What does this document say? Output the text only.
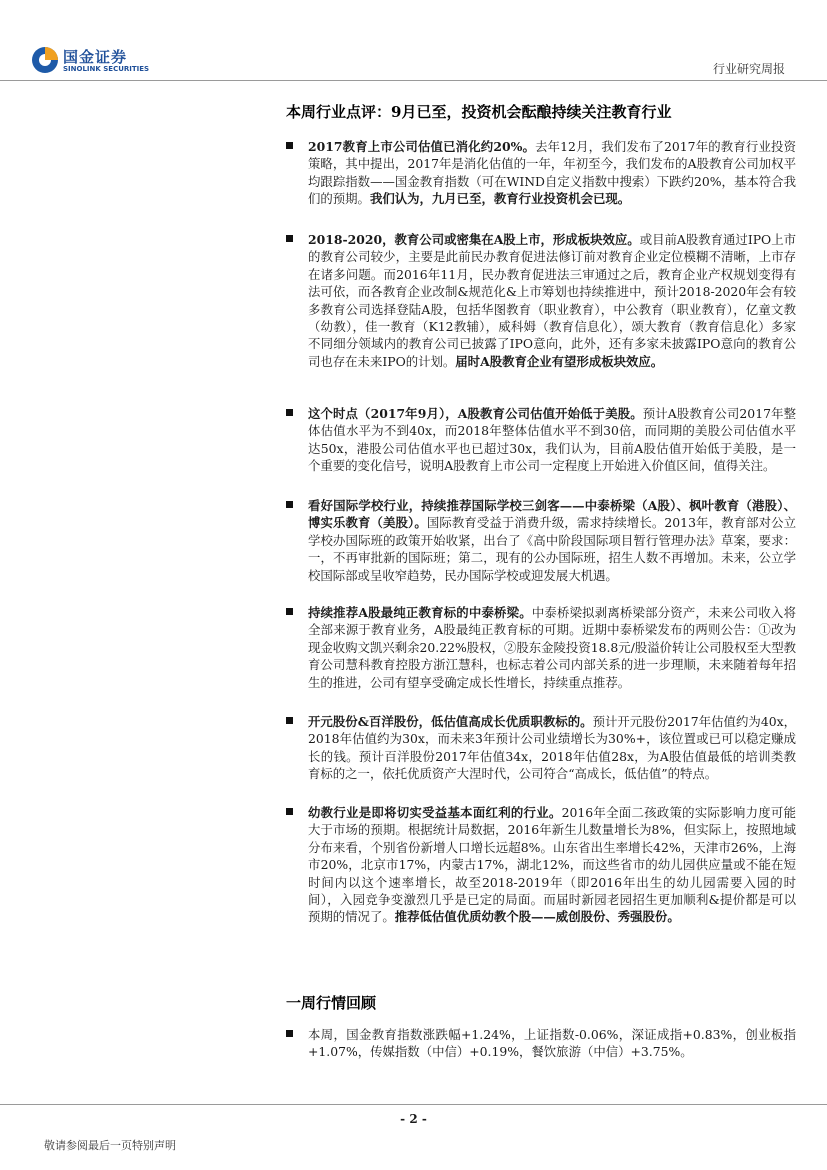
国金证券
SINOLINK SECURITIES	行业研究周报
本周行业点评：9月已至，投资机会酝酿持续关注教育行业
2017教育上市公司估值已消化约20%。去年12月，我们发布了2017年的教育行业投资策略，其中提出，2017年是消化估值的一年，年初至今，我们发布的A股教育公司加权平均跟踪指数——国金教育指数（可在WIND自定义指数中搜索）下跌约20%，基本符合我们的预期。我们认为，九月已至，教育行业投资机会已现。
2018-2020，教育公司或密集在A股上市，形成板块效应。或目前A股教育通过IPO上市的教育公司较少，主要是此前民办教育促进法修订前对教育企业定位模糊不清晰，上市存在诸多问题。而2016年11月，民办教育促进法三审通过之后，教育企业产权规划变得有法可依，而各教育企业改制&规范化&上市筹划也持续推进中，预计2018-2020年会有较多教育公司选择登陆A股，包括华图教育（职业教育），中公教育（职业教育），亿童文教（幼教），佳一教育（K12教辅），威科姆（教育信息化），颂大教育（教育信息化）多家不同细分领域内的教育公司已披露了IPO意向，此外，还有多家未披露IPO意向的教育公司也存在未来IPO的计划。届时A股教育企业有望形成板块效应。
这个时点（2017年9月），A股教育公司估值开始低于美股。预计A股教育公司2017年整体估值水平为不到40x，而2018年整体估值水平不到30倍，而同期的美股公司估值水平达50x，港股公司估值水平也已超过30x，我们认为，目前A股估值开始低于美股，是一个重要的变化信号，说明A股教育上市公司一定程度上开始进入价值区间，值得关注。
看好国际学校行业，持续推荐国际学校三剑客——中泰桥梁（A股）、枫叶教育（港股）、博实乐教育（美股）。国际教育受益于消费升级，需求持续增长。2013年，教育部对公立学校办国际班的政策开始收紧，出台了《高中阶段国际项目暂行管理办法》草案，要求：一，不再审批新的国际班；第二，现有的公办国际班，招生人数不再增加。未来，公立学校国际部或呈收窄趋势，民办国际学校或迎发展大机遇。
持续推荐A股最纯正教育标的中泰桥梁。中泰桥梁拟剥离桥梁部分资产，未来公司收入将全部来源于教育业务，A股最纯正教育标的可期。近期中泰桥梁发布的两则公告：①改为现金收购文凯兴剩余20.22%股权，②股东金陵投资18.8元/股溢价转让公司股权至大型教育公司慧科教育控股方浙江慧科，也标志着公司内部关系的进一步理顺，未来随着每年招生的推进，公司有望享受确定成长性增长，持续重点推荐。
开元股份&百洋股份，低估值高成长优质职教标的。预计开元股份2017年估值约为40x，2018年估值约为30x，而未来3年预计公司业绩增长为30%+，该位置或已可以稳定赚成长的钱。预计百洋股份2017年估值34x，2018年估值28x，为A股估值最低的培训类教育标的之一，依托优质资产大涅时代，公司符合“高成长，低估值”的特点。
幼教行业是即将切实受益基本面红利的行业。2016年全面二孩政策的实际影响力度可能大于市场的预期。根据统计局数据，2016年新生儿数量增长为8%，但实际上，按照地域分布来看，个别省份新增人口增长远超8%。山东省出生率增长42%，天津市26%，上海市20%，北京市17%，内蒙古17%，湖北12%，而这些省市的幼儿园供应量或不能在短时间内以这个速率增长，故至2018-2019年（即2016年出生的幼儿园需要入园的时间），入园竞争变激烈几乎是已定的局面。而届时新园老园招生更加顺利&提价都是可以预期的情况了。推荐低估值优质幼教个股——威创股份、秀强股份。
一周行情回顾
本周，国金教育指数涨跌幅+1.24%，上证指数-0.06%，深证成指+0.83%，创业板指+1.07%，传媒指数（中信）+0.19%，餐饮旅游（中信）+3.75%。
- 2 -
敬请参阅最后一页特别声明
